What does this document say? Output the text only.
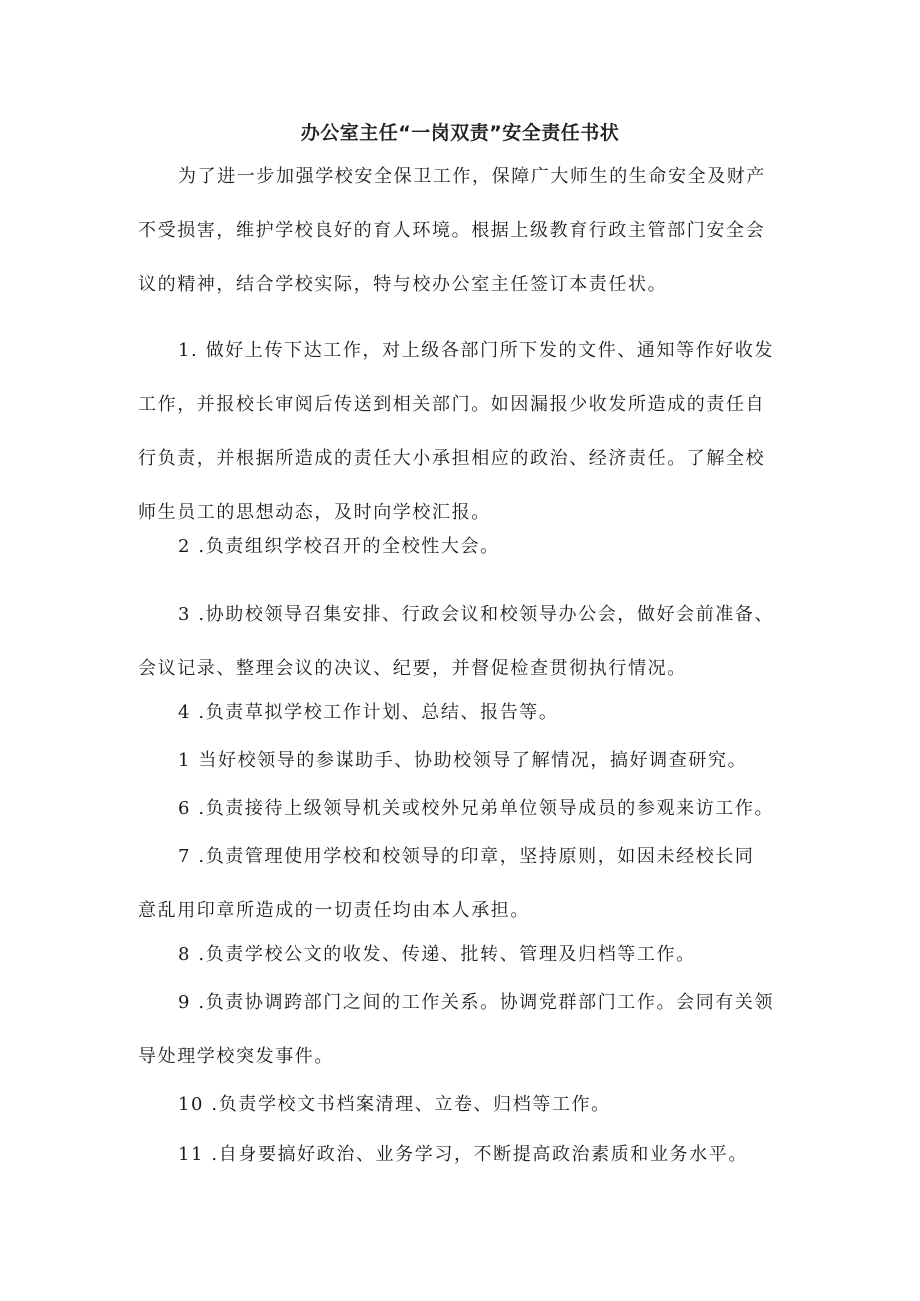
办公室主任“一岗双责”安全责任书状
为了进一步加强学校安全保卫工作，保障广大师生的生命安全及财产
不受损害，维护学校良好的育人环境。根据上级教育行政主管部门安全会
议的精神，结合学校实际，特与校办公室主任签订本责任状。
1. 做好上传下达工作，对上级各部门所下发的文件、通知等作好收发
工作，并报校长审阅后传送到相关部门。如因漏报少收发所造成的责任自
行负责，并根据所造成的责任大小承担相应的政治、经济责任。了解全校
师生员工的思想动态，及时向学校汇报。
2 .负责组织学校召开的全校性大会。
3 .协助校领导召集安排、行政会议和校领导办公会，做好会前准备、
会议记录、整理会议的决议、纪要，并督促检查贯彻执行情况。
4 .负责草拟学校工作计划、总结、报告等。
1 当好校领导的参谋助手、协助校领导了解情况，搞好调查研究。
6 .负责接待上级领导机关或校外兄弟单位领导成员的参观来访工作。
7 .负责管理使用学校和校领导的印章，坚持原则，如因未经校长同
意乱用印章所造成的一切责任均由本人承担。
8 .负责学校公文的收发、传递、批转、管理及归档等工作。
9 .负责协调跨部门之间的工作关系。协调党群部门工作。会同有关领
导处理学校突发事件。
10 .负责学校文书档案清理、立卷、归档等工作。
11 .自身要搞好政治、业务学习，不断提高政治素质和业务水平。
